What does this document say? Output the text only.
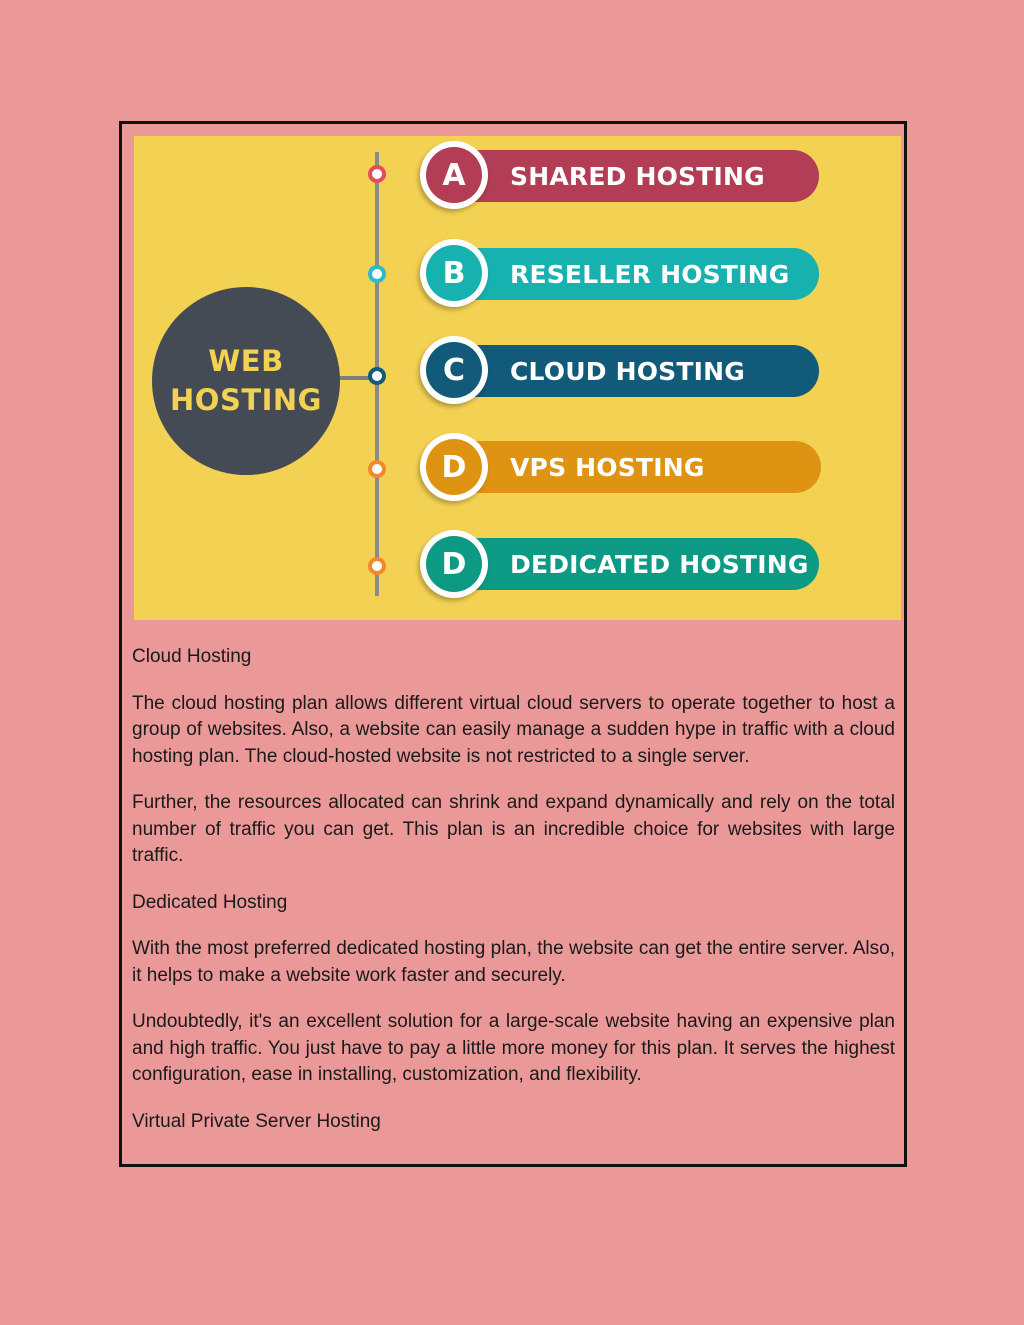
WEB
HOSTING
SHARED HOSTING
RESELLER HOSTING
CLOUD HOSTING
VPS HOSTING
DEDICATED HOSTING
A
B
C
D
D

Cloud Hosting

The cloud hosting plan allows different virtual cloud servers to operate together to host a group of websites. Also, a website can easily manage a sudden hype in traffic with a cloud hosting plan. The cloud-hosted website is not restricted to a single server.

Further, the resources allocated can shrink and expand dynamically and rely on the total number of traffic you can get. This plan is an incredible choice for websites with large traffic.

Dedicated Hosting

With the most preferred dedicated hosting plan, the website can get the entire server. Also, it helps to make a website work faster and securely.

Undoubtedly, it's an excellent solution for a large-scale website having an expensive plan and high traffic. You just have to pay a little more money for this plan. It serves the highest configuration, ease in installing, customization, and flexibility.

Virtual Private Server Hosting
